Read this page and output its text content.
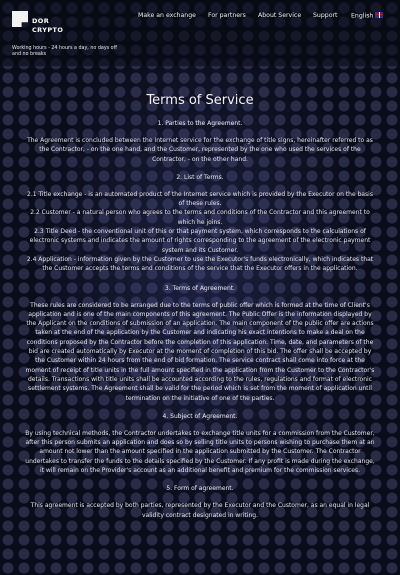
DOR
CRYPTO
Working hours - 24 hours a day, no days off and no breaks
Make an exchange For partners About Service Support English
Terms of Service
1. Parties to the Agreement.

The Agreement is concluded between the Internet service for the exchange of title signs, hereinafter referred to as the Contractor, - on the one hand, and the Customer, represented by the one who used the services of the Contractor, - on the other hand.

2. List of Terms.

2.1 Title exchange - is an automated product of the Internet service which is provided by the Executor on the basis of these rules.

2.2 Customer - a natural person who agrees to the terms and conditions of the Contractor and this agreement to which he joins.

2.3 Title Deed - the conventional unit of this or that payment system, which corresponds to the calculations of electronic systems and indicates the amount of rights corresponding to the agreement of the electronic payment system and its Customer.

2.4 Application - information given by the Customer to use the Executor's funds electronically, which indicates that the Customer accepts the terms and conditions of the service that the Executor offers in the application.

3. Terms of Agreement.

These rules are considered to be arranged due to the terms of public offer which is formed at the time of Client's application and is one of the main components of this agreement. The Public Offer is the information displayed by the Applicant on the conditions of submission of an application. The main component of the public offer are actions taken at the end of the application by the Customer and indicating his exact intentions to make a deal on the conditions proposed by the Contractor before the completion of this application. Time, date, and parameters of the bid are created automatically by Executor at the moment of completion of this bid. The offer shall be accepted by the Customer within 24 hours from the end of bid formation. The service contract shall come into force at the moment of receipt of title units in the full amount specified in the application from the Customer to the Contractor's details. Transactions with title units shall be accounted according to the rules, regulations and format of electronic settlement systems. The Agreement shall be valid for the period which is set from the moment of application until termination on the initiative of one of the parties.

4. Subject of Agreement.

By using technical methods, the Contractor undertakes to exchange title units for a commission from the Customer, after this person submits an application and does so by selling title units to persons wishing to purchase them at an amount not lower than the amount specified in the application submitted by the Customer. The Contractor undertakes to transfer the funds to the details specified by the Customer. If any profit is made during the exchange, it will remain on the Provider's account as an additional benefit and premium for the commission services.

5. Form of agreement.

This agreement is accepted by both parties, represented by the Executor and the Customer, as an equal in legal validity contract designated in writing.
